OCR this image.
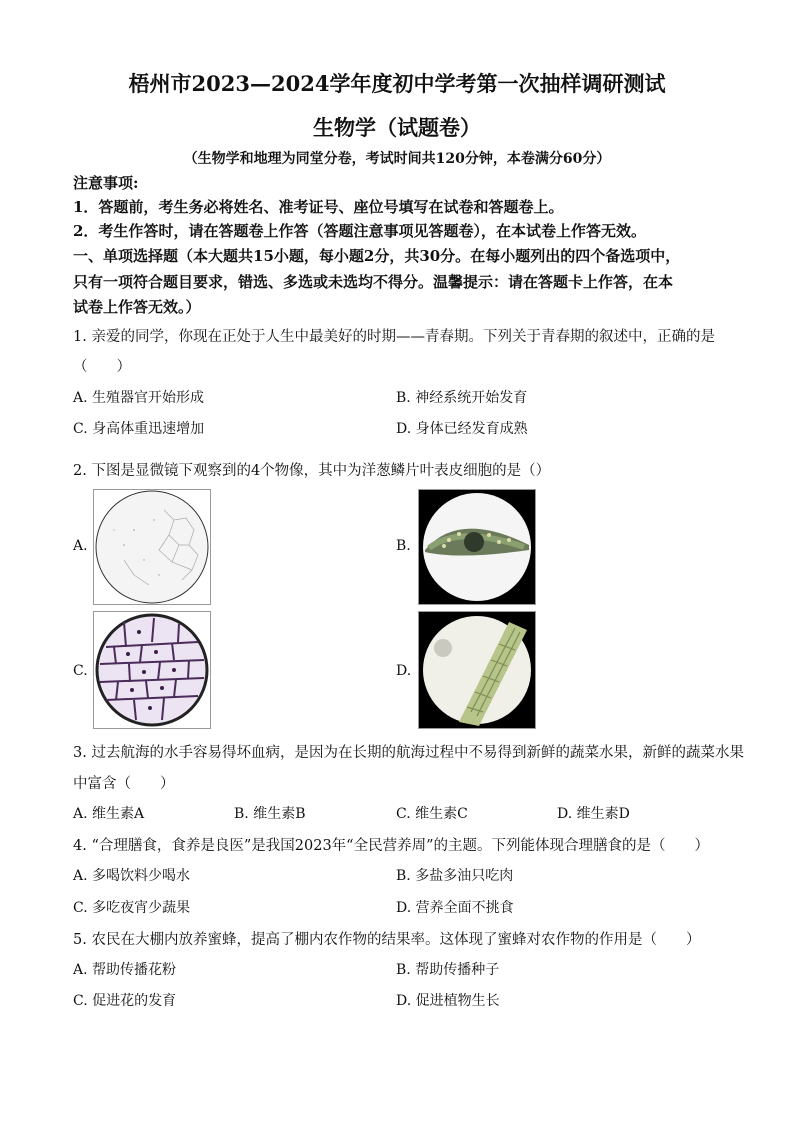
梧州市2023—2024学年度初中学考第一次抽样调研测试
生物学（试题卷）
（生物学和地理为同堂分卷，考试时间共120分钟，本卷满分60分）
注意事项:
1．答题前，考生务必将姓名、准考证号、座位号填写在试卷和答题卷上。
2．考生作答时，请在答题卷上作答（答题注意事项见答题卷），在本试卷上作答无效。
一、单项选择题（本大题共15小题，每小题2分，共30分。在每小题列出的四个备选项中，
只有一项符合题目要求，错选、多选或未选均不得分。温馨提示：请在答题卡上作答，在本
试卷上作答无效。）
1. 亲爱的同学，你现在正处于人生中最美好的时期——青春期。下列关于青春期的叙述中，正确的是
（　　）
A. 生殖器官开始形成	B. 神经系统开始发育
C. 身高体重迅速增加	D. 身体已经发育成熟
2. 下图是显微镜下观察到的4个物像，其中为洋葱鳞片叶表皮细胞的是（）
A.	B.
C.	D.
3. 过去航海的水手容易得坏血病，是因为在长期的航海过程中不易得到新鲜的蔬菜水果，新鲜的蔬菜水果
中富含（　　）
A. 维生素A	B. 维生素B	C. 维生素C	D. 维生素D
4. “合理膳食，食养是良医”是我国2023年“全民营养周”的主题。下列能体现合理膳食的是（　　）
A. 多喝饮料少喝水	B. 多盐多油只吃肉
C. 多吃夜宵少蔬果	D. 营养全面不挑食
5. 农民在大棚内放养蜜蜂，提高了棚内农作物的结果率。这体现了蜜蜂对农作物的作用是（　　）
A. 帮助传播花粉	B. 帮助传播种子
C. 促进花的发育	D. 促进植物生长
